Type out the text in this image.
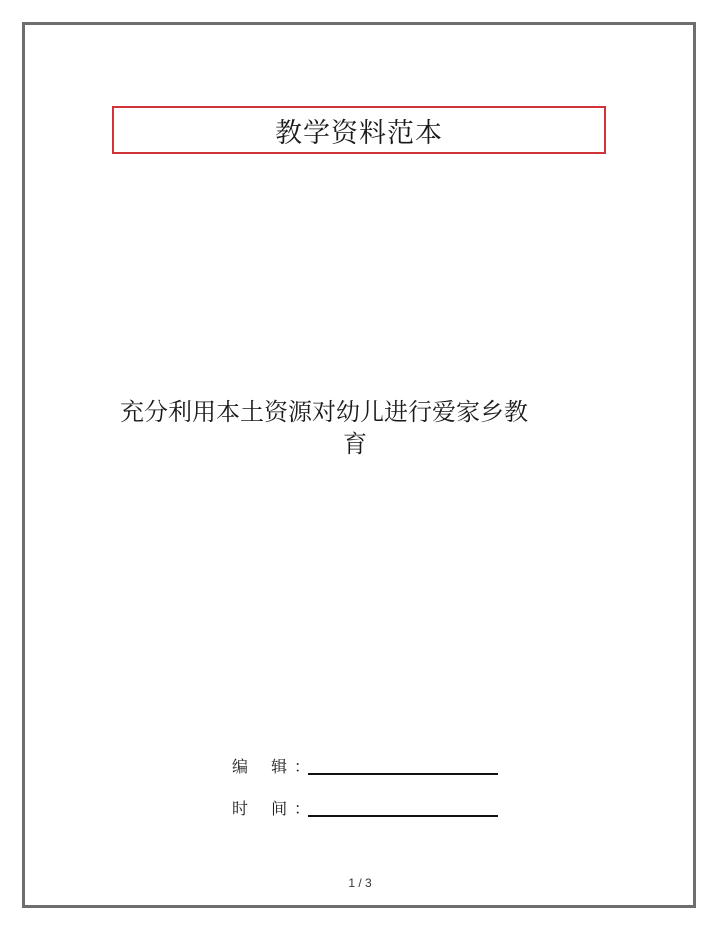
教学资料范本
充分利用本土资源对幼儿进行爱家乡教
育
编 辑
：
时 间
：
1 / 3
